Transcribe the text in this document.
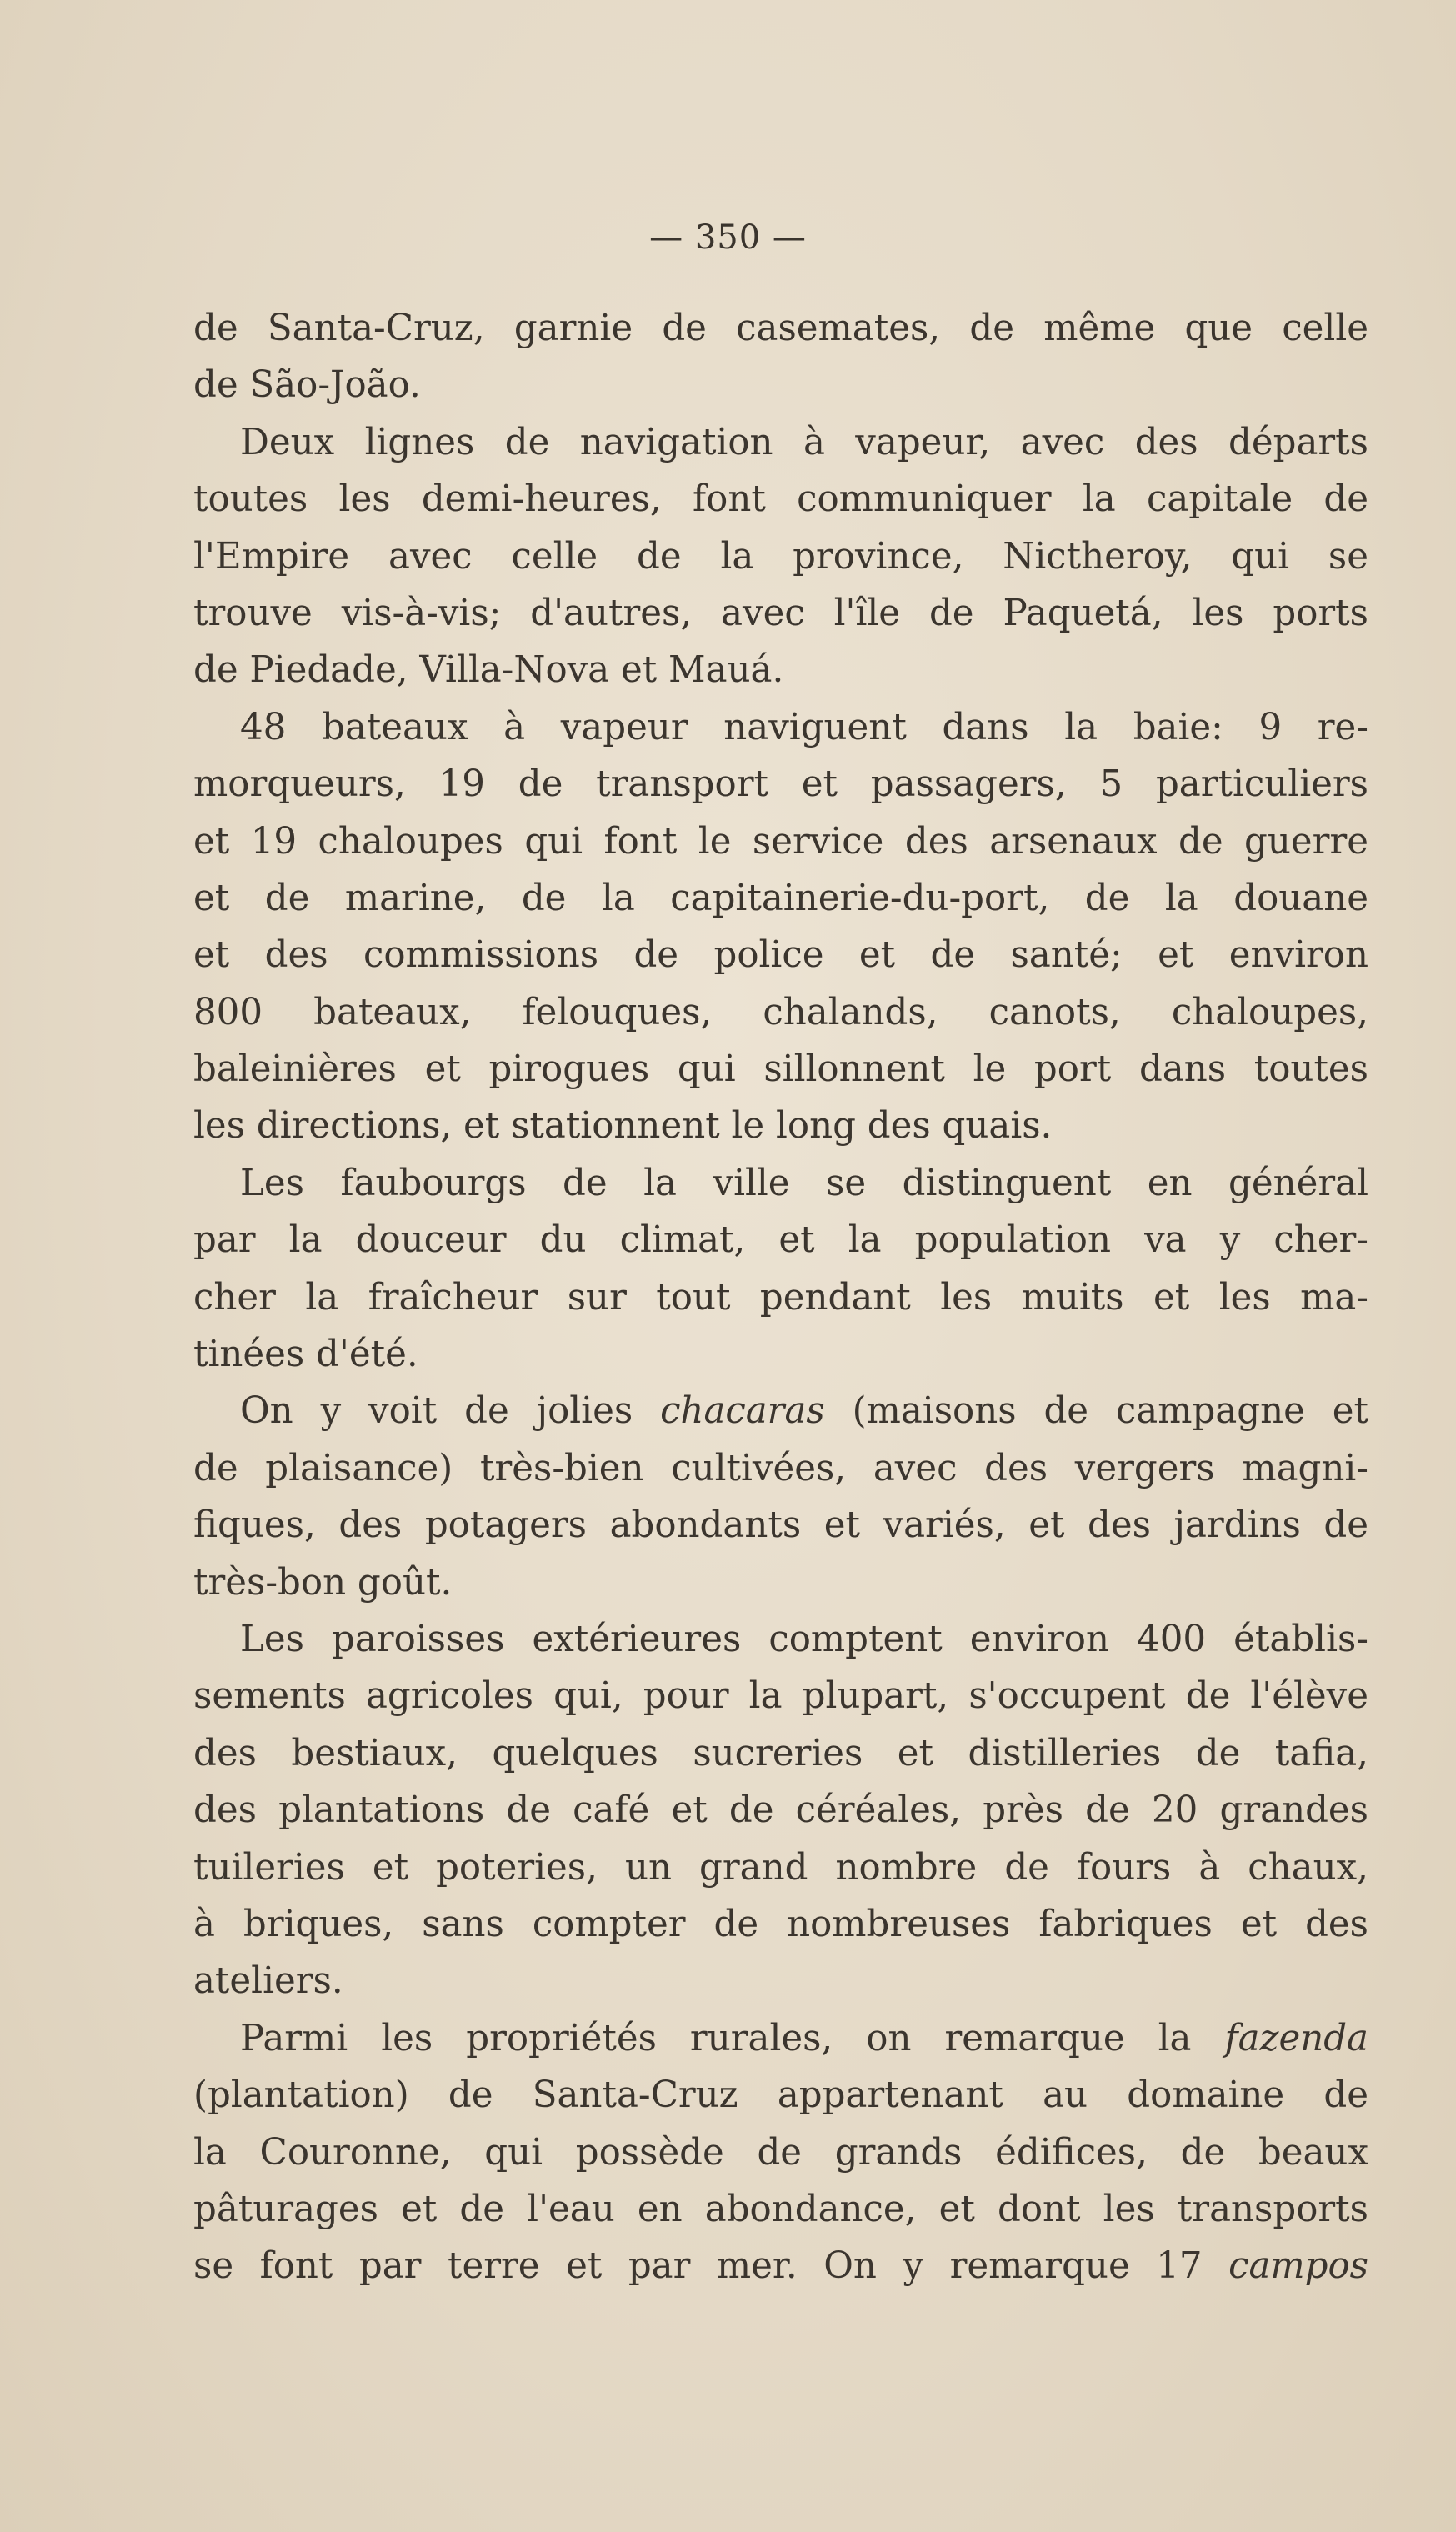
— 350 —
de Santa-Cruz, garnie de casemates, de même que celle
de São-João.
Deux lignes de navigation à vapeur, avec des départs
toutes les demi-heures, font communiquer la capitale de
l'Empire avec celle de la province, Nictheroy, qui se
trouve vis-à-vis; d'autres, avec l'île de Paquetá, les ports
de Piedade, Villa-Nova et Mauá.
48 bateaux à vapeur naviguent dans la baie: 9 re-
morqueurs, 19 de transport et passagers, 5 particuliers
et 19 chaloupes qui font le service des arsenaux de guerre
et de marine, de la capitainerie-du-port, de la douane
et des commissions de police et de santé; et environ
800 bateaux, felouques, chalands, canots, chaloupes,
baleinières et pirogues qui sillonnent le port dans toutes
les directions, et stationnent le long des quais.
Les faubourgs de la ville se distinguent en général
par la douceur du climat, et la population va y cher-
cher la fraîcheur sur tout pendant les muits et les ma-
tinées d'été.
On y voit de jolies chacaras (maisons de campagne et
de plaisance) très-bien cultivées, avec des vergers magni-
fiques, des potagers abondants et variés, et des jardins de
très-bon goût.
Les paroisses extérieures comptent environ 400 établis-
sements agricoles qui, pour la plupart, s'occupent de l'élève
des bestiaux, quelques sucreries et distilleries de tafia,
des plantations de café et de céréales, près de 20 grandes
tuileries et poteries, un grand nombre de fours à chaux,
à briques, sans compter de nombreuses fabriques et des
ateliers.
Parmi les propriétés rurales, on remarque la fazenda
(plantation) de Santa-Cruz appartenant au domaine de
la Couronne, qui possède de grands édifices, de beaux
pâturages et de l'eau en abondance, et dont les transports
se font par terre et par mer. On y remarque 17 campos
